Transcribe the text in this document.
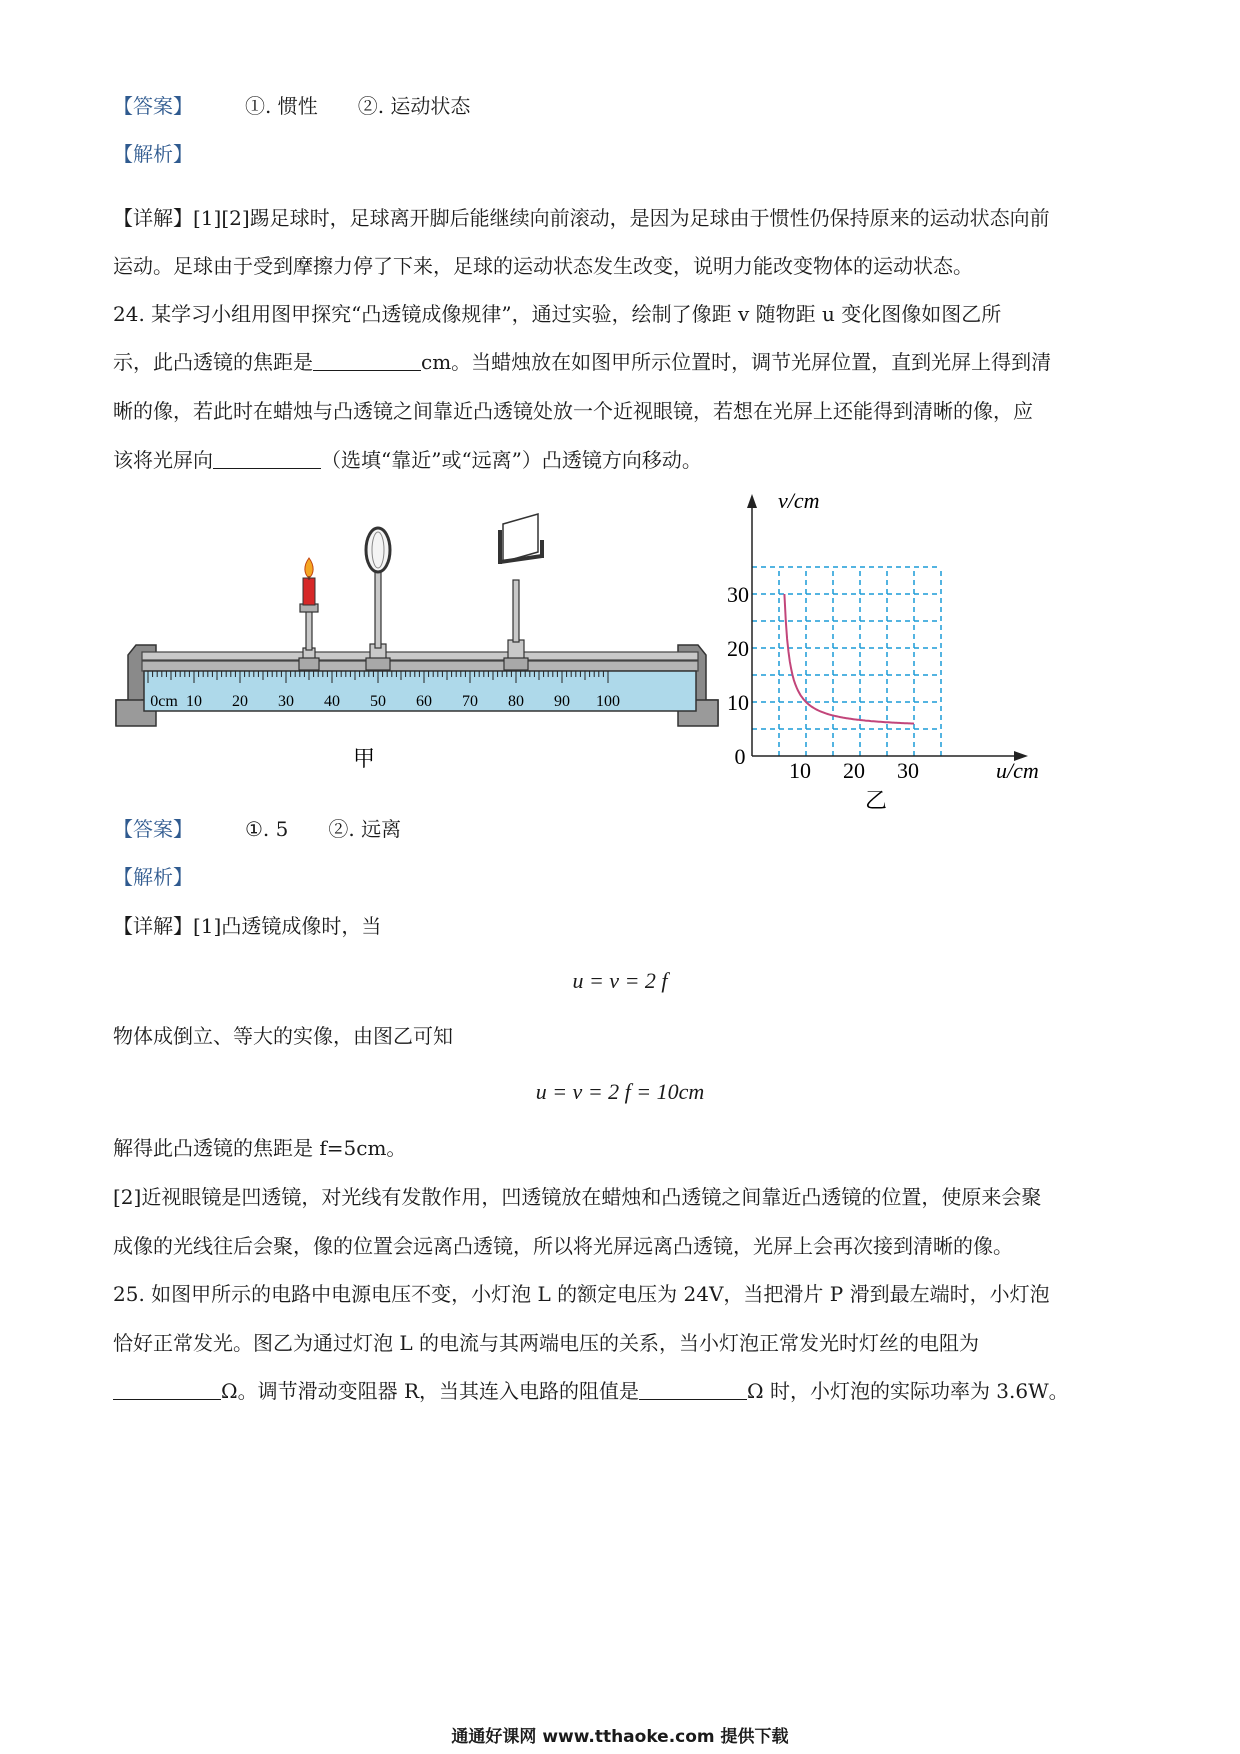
【答案】	①. 惯性 ②. 运动状态
【解析】
【详解】[1][2]踢足球时，足球离开脚后能继续向前滚动，是因为足球由于惯性仍保持原来的运动状态向前
运动。足球由于受到摩擦力停了下来，足球的运动状态发生改变，说明力能改变物体的运动状态。
24. 某学习小组用图甲探究“凸透镜成像规律”，通过实验，绘制了像距 v 随物距 u 变化图像如图乙所
示，此凸透镜的焦距是	cm。当蜡烛放在如图甲所示位置时，调节光屏位置，直到光屏上得到清
晰的像，若此时在蜡烛与凸透镜之间靠近凸透镜处放一个近视眼镜，若想在光屏上还能得到清晰的像，应
该将光屏向	（选填“靠近”或“远离”）凸透镜方向移动。
0cm 10 20 30 40 50 60 70 80 90 100
甲
v/cm
u/cm
0
10
20
30
10 20 30
乙
【答案】	①. 5 ②. 远离
【解析】
【详解】[1]凸透镜成像时，当
u = v = 2 f
物体成倒立、等大的实像，由图乙可知
u = v = 2 f = 10cm
解得此凸透镜的焦距是 f=5cm。
[2]近视眼镜是凹透镜，对光线有发散作用，凹透镜放在蜡烛和凸透镜之间靠近凸透镜的位置，使原来会聚
成像的光线往后会聚，像的位置会远离凸透镜，所以将光屏远离凸透镜，光屏上会再次接到清晰的像。
25. 如图甲所示的电路中电源电压不变，小灯泡 L 的额定电压为 24V，当把滑片 P 滑到最左端时，小灯泡
恰好正常发光。图乙为通过灯泡 L 的电流与其两端电压的关系，当小灯泡正常发光时灯丝的电阻为
Ω。调节滑动变阻器 R，当其连入电路的阻值是	Ω 时，小灯泡的实际功率为 3.6W。
通通好课网 www.tthaoke.com 提供下载
